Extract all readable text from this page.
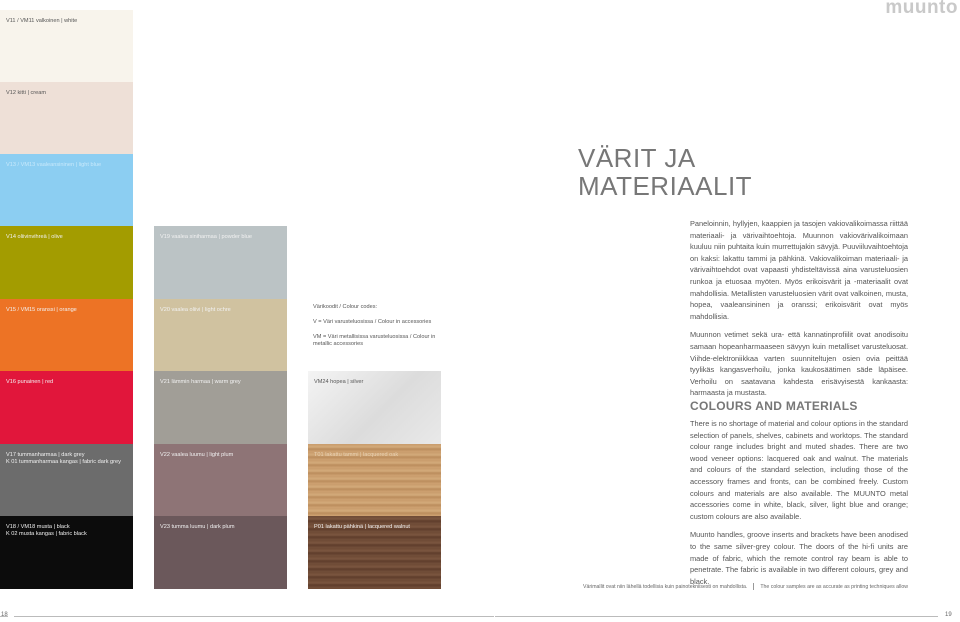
V11 / VM11 valkoinen | white
V12 kitti | cream
V13 / VM13 vaaleansininen | light blue
V14 oliivinvihreä | olive
V15 / VM15 oranssi | orange
V16 punainen | red
V17 tummanharmaa | dark grey
K 01 tummanharmaa kangas | fabric dark grey
V18 / VM18 musta | black
K 02 musta kangas | fabric black
V19 vaalea siniharmaa | powder blue
V20 vaalea oliivi | light ochre
V21 lämmin harmaa | warm grey
V22 vaalea luumu | light plum
V23 tumma luumu | dark plum

Värikoodit / Colour codes:

V = Väri varusteluosissa / Colour in accessories

VM = Väri metallisissa varusteluosissa / Colour in metallic accessories

VM24 hopea | silver
T01 lakattu tammi | lacquered oak
P01 lakattu pähkinä | lacquered walnut
muunto
VÄRIT JA
MATERIAALIT

Paneloinnin, hyllyjen, kaappien ja tasojen vakiovalikoimassa riittää materiaali- ja värivaihtoehtoja. Muunnon vakiovärivalikoimaan kuuluu niin puhtaita kuin murrettujakin sävyjä. Puuviiluvaihtoehtoja on kaksi: lakattu tammi ja pähkinä. Vakiovalikoiman materiaali- ja värivaihtoehdot ovat vapaasti yhdisteltävissä aina varusteluosien runkoa ja etuosaa myöten. Myös erikoisvärit ja -materiaalit ovat mahdollisia. Metallisten varusteluosien värit ovat valkoinen, musta, hopea, vaaleansininen ja oranssi; erikoisvärit ovat myös mahdollisia.

Muunnon vetimet sekä ura- että kannatinprofiilit ovat anodisoitu samaan hopeanharmaaseen sävyyn kuin metalliset varusteluosat. Viihde-elektroniikkaa varten suunniteltujen osien ovia peittää tyylikäs kangasverhoilu, jonka kaukosäätimen säde läpäisee. Verhoilu on saatavana kahdesta erisävyisestä kankaasta: harmaasta ja mustasta.

COLOURS AND MATERIALS

There is no shortage of material and colour options in the standard selection of panels, shelves, cabinets and worktops. The standard colour range includes bright and muted shades. There are two wood veneer options: lacquered oak and walnut. The materials and colours of the standard selection, including those of the accessory frames and fronts, can be combined freely. Custom colours and materials are also available. The MUUNTO metal accessories come in white, black, silver, light blue and orange; custom colours are also available.

Muunto handles, groove inserts and brackets have been anodised to the same silver-grey colour. The doors of the hi-fi units are made of fabric, which the remote control ray beam is able to penetrate. The fabric is available in two different colours, grey and black.

Värimallit ovat niin lähellä todellisia kuin painotekniisesti on mahdollista.	The colour samples are as accurate as printing techniques allow
18	19
